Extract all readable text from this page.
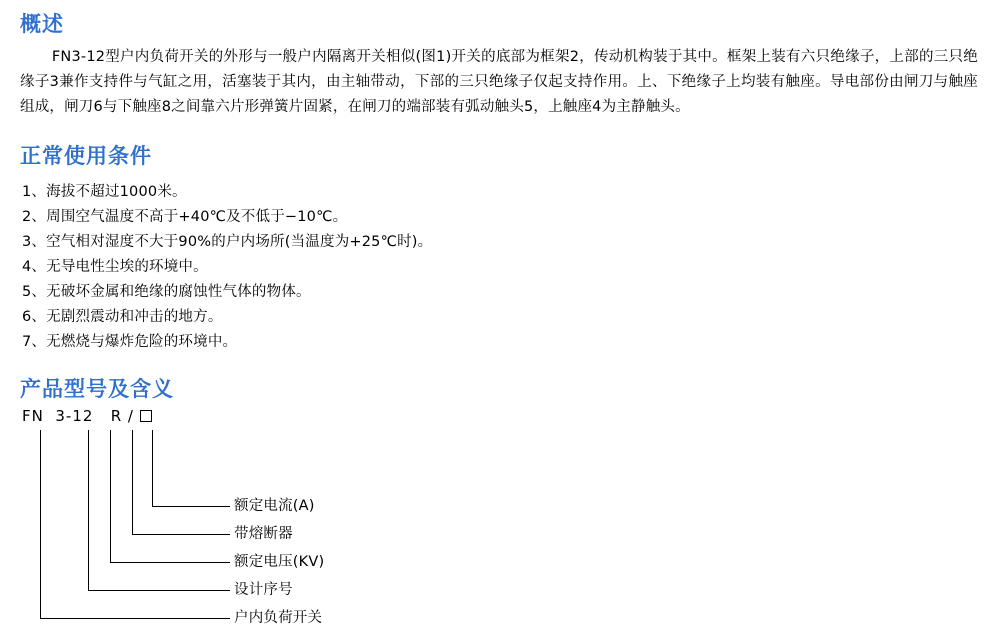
概述

FN3-12型户内负荷开关的外形与一般户内隔离开关相似(图1)开关的底部为框架2，传动机构装于其中。框架上装有六只绝缘子，上部的三只绝缘子3兼作支持件与气缸之用，活塞装于其内，由主轴带动，下部的三只绝缘子仅起支持作用。上、下绝缘子上均装有触座。导电部份由闸刀与触座组成，闸刀6与下触座8之间靠六片形弹簧片固紧，在闸刀的端部装有弧动触头5，上触座4为主静触头。

正常使用条件
1、海拔不超过1000米。
2、周围空气温度不高于+40℃及不低于−10℃。
3、空气相对湿度不大于90%的户内场所(当温度为+25℃时)。
4、无导电性尘埃的环境中。
5、无破坏金属和绝缘的腐蚀性气体的物体。
6、无剧烈震动和冲击的地方。
7、无燃烧与爆炸危险的环境中。
产品型号及含义
FN  3-12   R /
额定电流(A)
带熔断器
额定电压(KV)
设计序号
户内负荷开关
